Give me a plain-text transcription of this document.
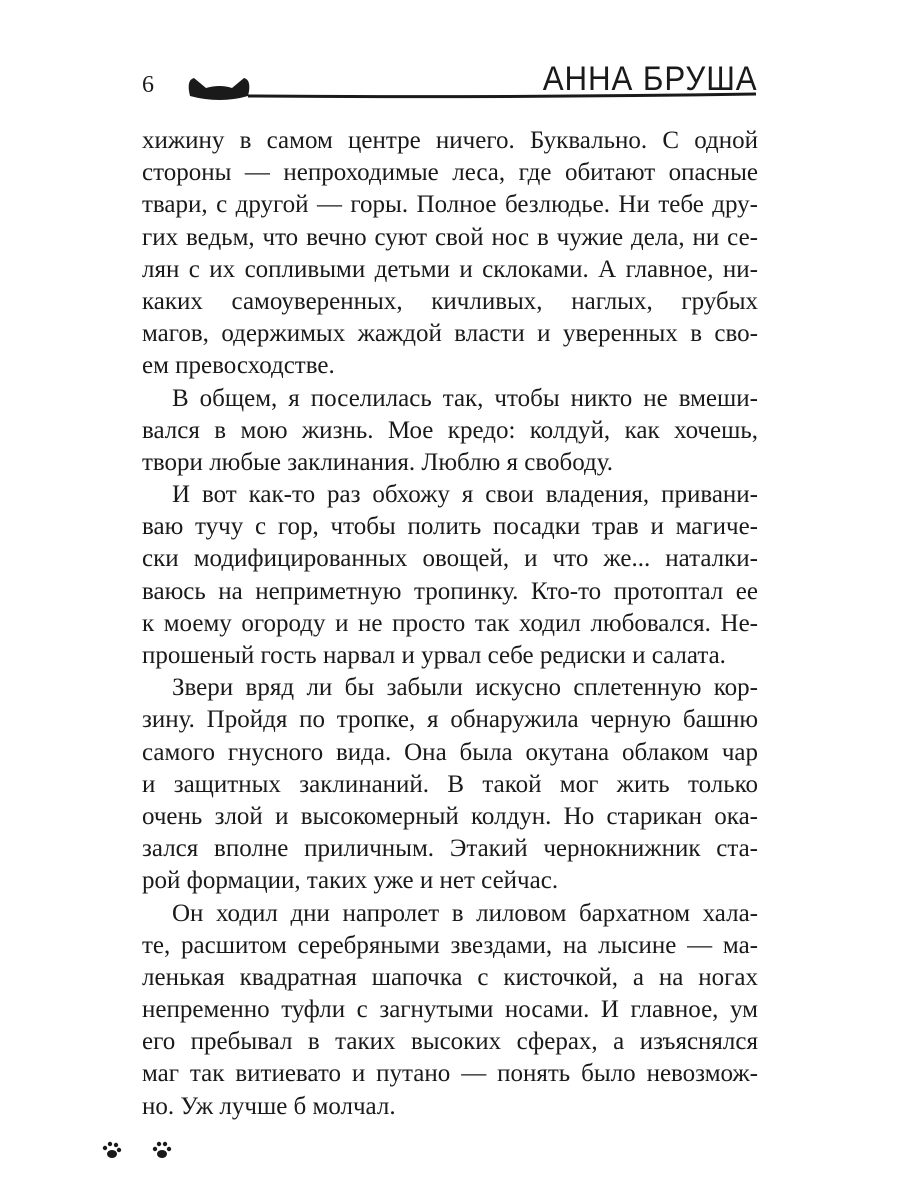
6	АННА БРУША
хижину в самом центре ничего. Буквально. С одной
стороны — непроходимые леса, где обитают опасные
твари, с другой — горы. Полное безлюдье. Ни тебе дру-
гих ведьм, что вечно суют свой нос в чужие дела, ни се-
лян с их сопливыми детьми и склоками. А главное, ни-
каких самоуверенных, кичливых, наглых, грубых
магов, одержимых жаждой власти и уверенных в сво-
ем превосходстве.
В общем, я поселилась так, чтобы никто не вмеши-
вался в мою жизнь. Мое кредо: колдуй, как хочешь,
твори любые заклинания. Люблю я свободу.
И вот как-то раз обхожу я свои владения, привани-
ваю тучу с гор, чтобы полить посадки трав и магиче-
ски модифицированных овощей, и что же... наталки-
ваюсь на неприметную тропинку. Кто-то протоптал ее
к моему огороду и не просто так ходил любовался. Не-
прошеный гость нарвал и урвал себе редиски и салата.
Звери вряд ли бы забыли искусно сплетенную кор-
зину. Пройдя по тропке, я обнаружила черную башню
самого гнусного вида. Она была окутана облаком чар
и защитных заклинаний. В такой мог жить только
очень злой и высокомерный колдун. Но старикан ока-
зался вполне приличным. Этакий чернокнижник ста-
рой формации, таких уже и нет сейчас.
Он ходил дни напролет в лиловом бархатном хала-
те, расшитом серебряными звездами, на лысине — ма-
ленькая квадратная шапочка с кисточкой, а на ногах
непременно туфли с загнутыми носами. И главное, ум
его пребывал в таких высоких сферах, а изъяснялся
маг так витиевато и путано — понять было невозмож-
но. Уж лучше б молчал.
